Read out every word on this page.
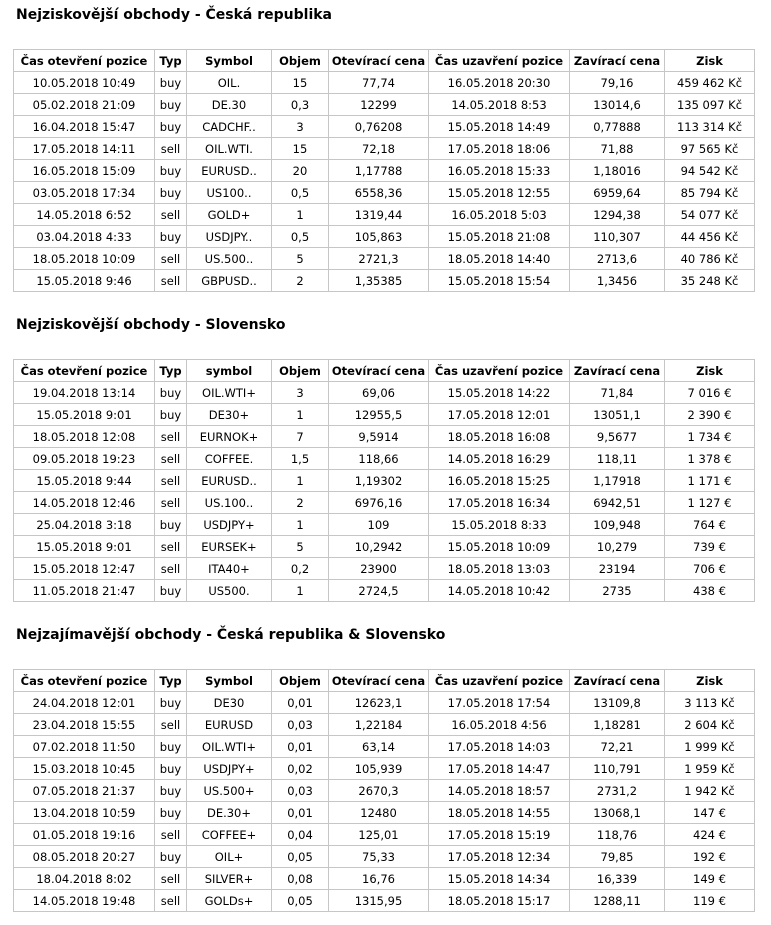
Nejziskovější obchody - Česká republika
Čas otevření pozice	Typ	Symbol	Objem	Otevírací cena	Čas uzavření pozice	Zavírací cena	Zisk
10.05.2018 10:49	buy	OIL.	15	77,74	16.05.2018 20:30	79,16	459 462 Kč
05.02.2018 21:09	buy	DE.30	0,3	12299	14.05.2018 8:53	13014,6	135 097 Kč
16.04.2018 15:47	buy	CADCHF..	3	0,76208	15.05.2018 14:49	0,77888	113 314 Kč
17.05.2018 14:11	sell	OIL.WTI.	15	72,18	17.05.2018 18:06	71,88	97 565 Kč
16.05.2018 15:09	buy	EURUSD..	20	1,17788	16.05.2018 15:33	1,18016	94 542 Kč
03.05.2018 17:34	buy	US100..	0,5	6558,36	15.05.2018 12:55	6959,64	85 794 Kč
14.05.2018 6:52	sell	GOLD+	1	1319,44	16.05.2018 5:03	1294,38	54 077 Kč
03.04.2018 4:33	buy	USDJPY..	0,5	105,863	15.05.2018 21:08	110,307	44 456 Kč
18.05.2018 10:09	sell	US.500..	5	2721,3	18.05.2018 14:40	2713,6	40 786 Kč
15.05.2018 9:46	sell	GBPUSD..	2	1,35385	15.05.2018 15:54	1,3456	35 248 Kč
Nejziskovější obchody - Slovensko
Čas otevření pozice	Typ	symbol	Objem	Otevírací cena	Čas uzavření pozice	Zavírací cena	Zisk
19.04.2018 13:14	buy	OIL.WTI+	3	69,06	15.05.2018 14:22	71,84	7 016 €
15.05.2018 9:01	buy	DE30+	1	12955,5	17.05.2018 12:01	13051,1	2 390 €
18.05.2018 12:08	sell	EURNOK+	7	9,5914	18.05.2018 16:08	9,5677	1 734 €
09.05.2018 19:23	sell	COFFEE.	1,5	118,66	14.05.2018 16:29	118,11	1 378 €
15.05.2018 9:44	sell	EURUSD..	1	1,19302	16.05.2018 15:25	1,17918	1 171 €
14.05.2018 12:46	sell	US.100..	2	6976,16	17.05.2018 16:34	6942,51	1 127 €
25.04.2018 3:18	buy	USDJPY+	1	109	15.05.2018 8:33	109,948	764 €
15.05.2018 9:01	sell	EURSEK+	5	10,2942	15.05.2018 10:09	10,279	739 €
15.05.2018 12:47	sell	ITA40+	0,2	23900	18.05.2018 13:03	23194	706 €
11.05.2018 21:47	buy	US500.	1	2724,5	14.05.2018 10:42	2735	438 €
Nejzajímavější obchody - Česká republika & Slovensko
Čas otevření pozice	Typ	Symbol	Objem	Otevírací cena	Čas uzavření pozice	Zavírací cena	Zisk
24.04.2018 12:01	buy	DE30	0,01	12623,1	17.05.2018 17:54	13109,8	3 113 Kč
23.04.2018 15:55	sell	EURUSD	0,03	1,22184	16.05.2018 4:56	1,18281	2 604 Kč
07.02.2018 11:50	buy	OIL.WTI+	0,01	63,14	17.05.2018 14:03	72,21	1 999 Kč
15.03.2018 10:45	buy	USDJPY+	0,02	105,939	17.05.2018 14:47	110,791	1 959 Kč
07.05.2018 21:37	buy	US.500+	0,03	2670,3	14.05.2018 18:57	2731,2	1 942 Kč
13.04.2018 10:59	buy	DE.30+	0,01	12480	18.05.2018 14:55	13068,1	147 €
01.05.2018 19:16	sell	COFFEE+	0,04	125,01	17.05.2018 15:19	118,76	424 €
08.05.2018 20:27	buy	OIL+	0,05	75,33	17.05.2018 12:34	79,85	192 €
18.04.2018 8:02	sell	SILVER+	0,08	16,76	15.05.2018 14:34	16,339	149 €
14.05.2018 19:48	sell	GOLDs+	0,05	1315,95	18.05.2018 15:17	1288,11	119 €
